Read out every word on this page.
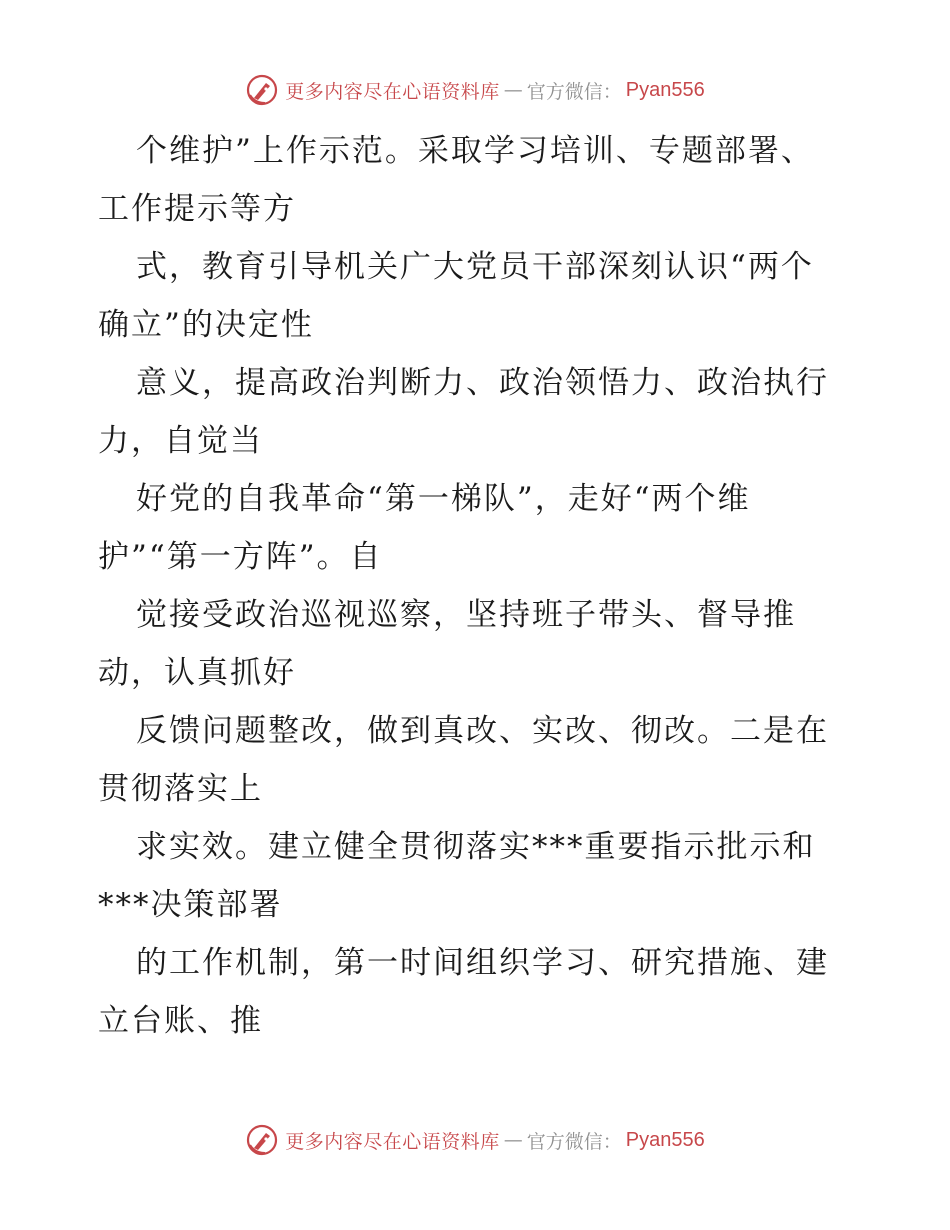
更多内容尽在心语资料库 — 官方微信： Pyan556
个维护”上作示范。采取学习培训、专题部署、
工作提示等方
式，教育引导机关广大党员干部深刻认识“两个
确立”的决定性
意义，提高政治判断力、政治领悟力、政治执行
力，自觉当
好党的自我革命“第一梯队”，走好“两个维
护”“第一方阵”。自
觉接受政治巡视巡察，坚持班子带头、督导推
动，认真抓好
反馈问题整改，做到真改、实改、彻改。二是在
贯彻落实上
求实效。建立健全贯彻落实***重要指示批示和
***决策部署
的工作机制，第一时间组织学习、研究措施、建
立台账、推
更多内容尽在心语资料库 — 官方微信： Pyan556
